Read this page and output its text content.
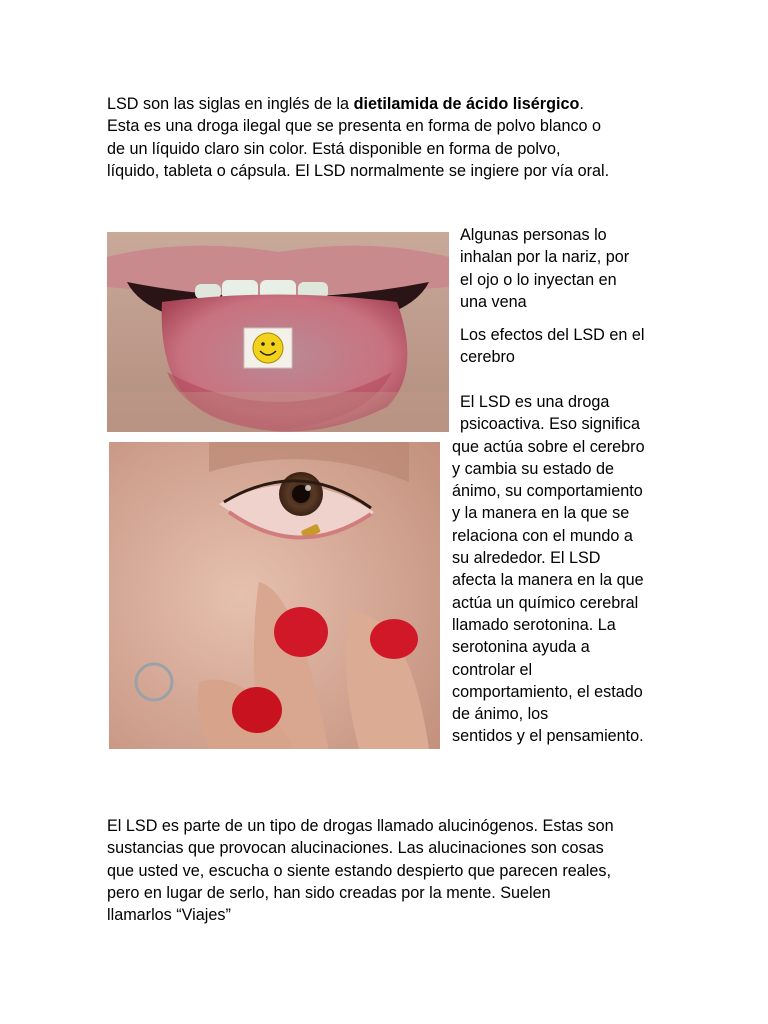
LSD son las siglas en inglés de la dietilamida de ácido lisérgico.
Esta es una droga ilegal que se presenta en forma de polvo blanco o
de un líquido claro sin color. Está disponible en forma de polvo,
líquido, tableta o cápsula. El LSD normalmente se ingiere por vía oral.
Algunas personas lo
inhalan por la nariz, por
el ojo o lo inyectan en
una vena
Los efectos del LSD en el
cerebro
El LSD es una droga
psicoactiva. Eso significa
que actúa sobre el cerebro
y cambia su estado de
ánimo, su comportamiento
y la manera en la que se
relaciona con el mundo a
su alrededor. El LSD
afecta la manera en la que
actúa un químico cerebral
llamado serotonina. La
serotonina ayuda a
controlar el
comportamiento, el estado
de ánimo, los
sentidos y el pensamiento.
El LSD es parte de un tipo de drogas llamado alucinógenos. Estas son
sustancias que provocan alucinaciones. Las alucinaciones son cosas
que usted ve, escucha o siente estando despierto que parecen reales,
pero en lugar de serlo, han sido creadas por la mente. Suelen
llamarlos “Viajes”
